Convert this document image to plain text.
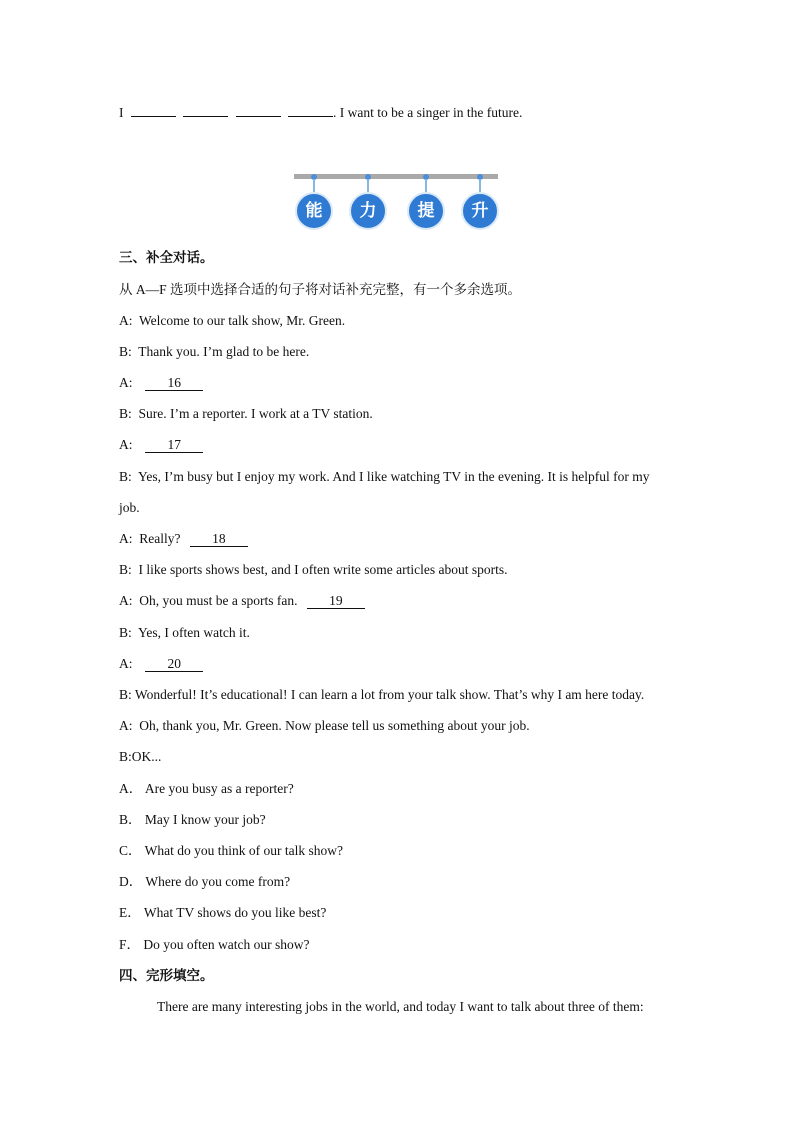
I	. I want to be a singer in the future.
能	力	提	升
三、补全对话。
从 A—F 选项中选择合适的句子将对话补充完整，有一个多余选项。
A: Welcome to our talk show, Mr. Green.
B: Thank you. I’m glad to be here.
A:	16
B: Sure. I’m a reporter. I work at a TV station.
A:	17
B: Yes, I’m busy but I enjoy my work. And I like watching TV in the evening. It is helpful for my
job.
A: Really? 18
B: I like sports shows best, and I often write some articles about sports.
A: Oh, you must be a sports fan. 19
B: Yes, I often watch it.
A:	20
B: Wonderful! It’s educational! I can learn a lot from your talk show. That’s why I am here today.
A: Oh, thank you, Mr. Green. Now please tell us something about your job.
B:OK...
A． Are you busy as a reporter?
B． May I know your job?
C． What do you think of our talk show?
D． Where do you come from?
E． What TV shows do you like best?
F． Do you often watch our show?
四、完形填空。
There are many interesting jobs in the world, and today I want to talk about three of them:
